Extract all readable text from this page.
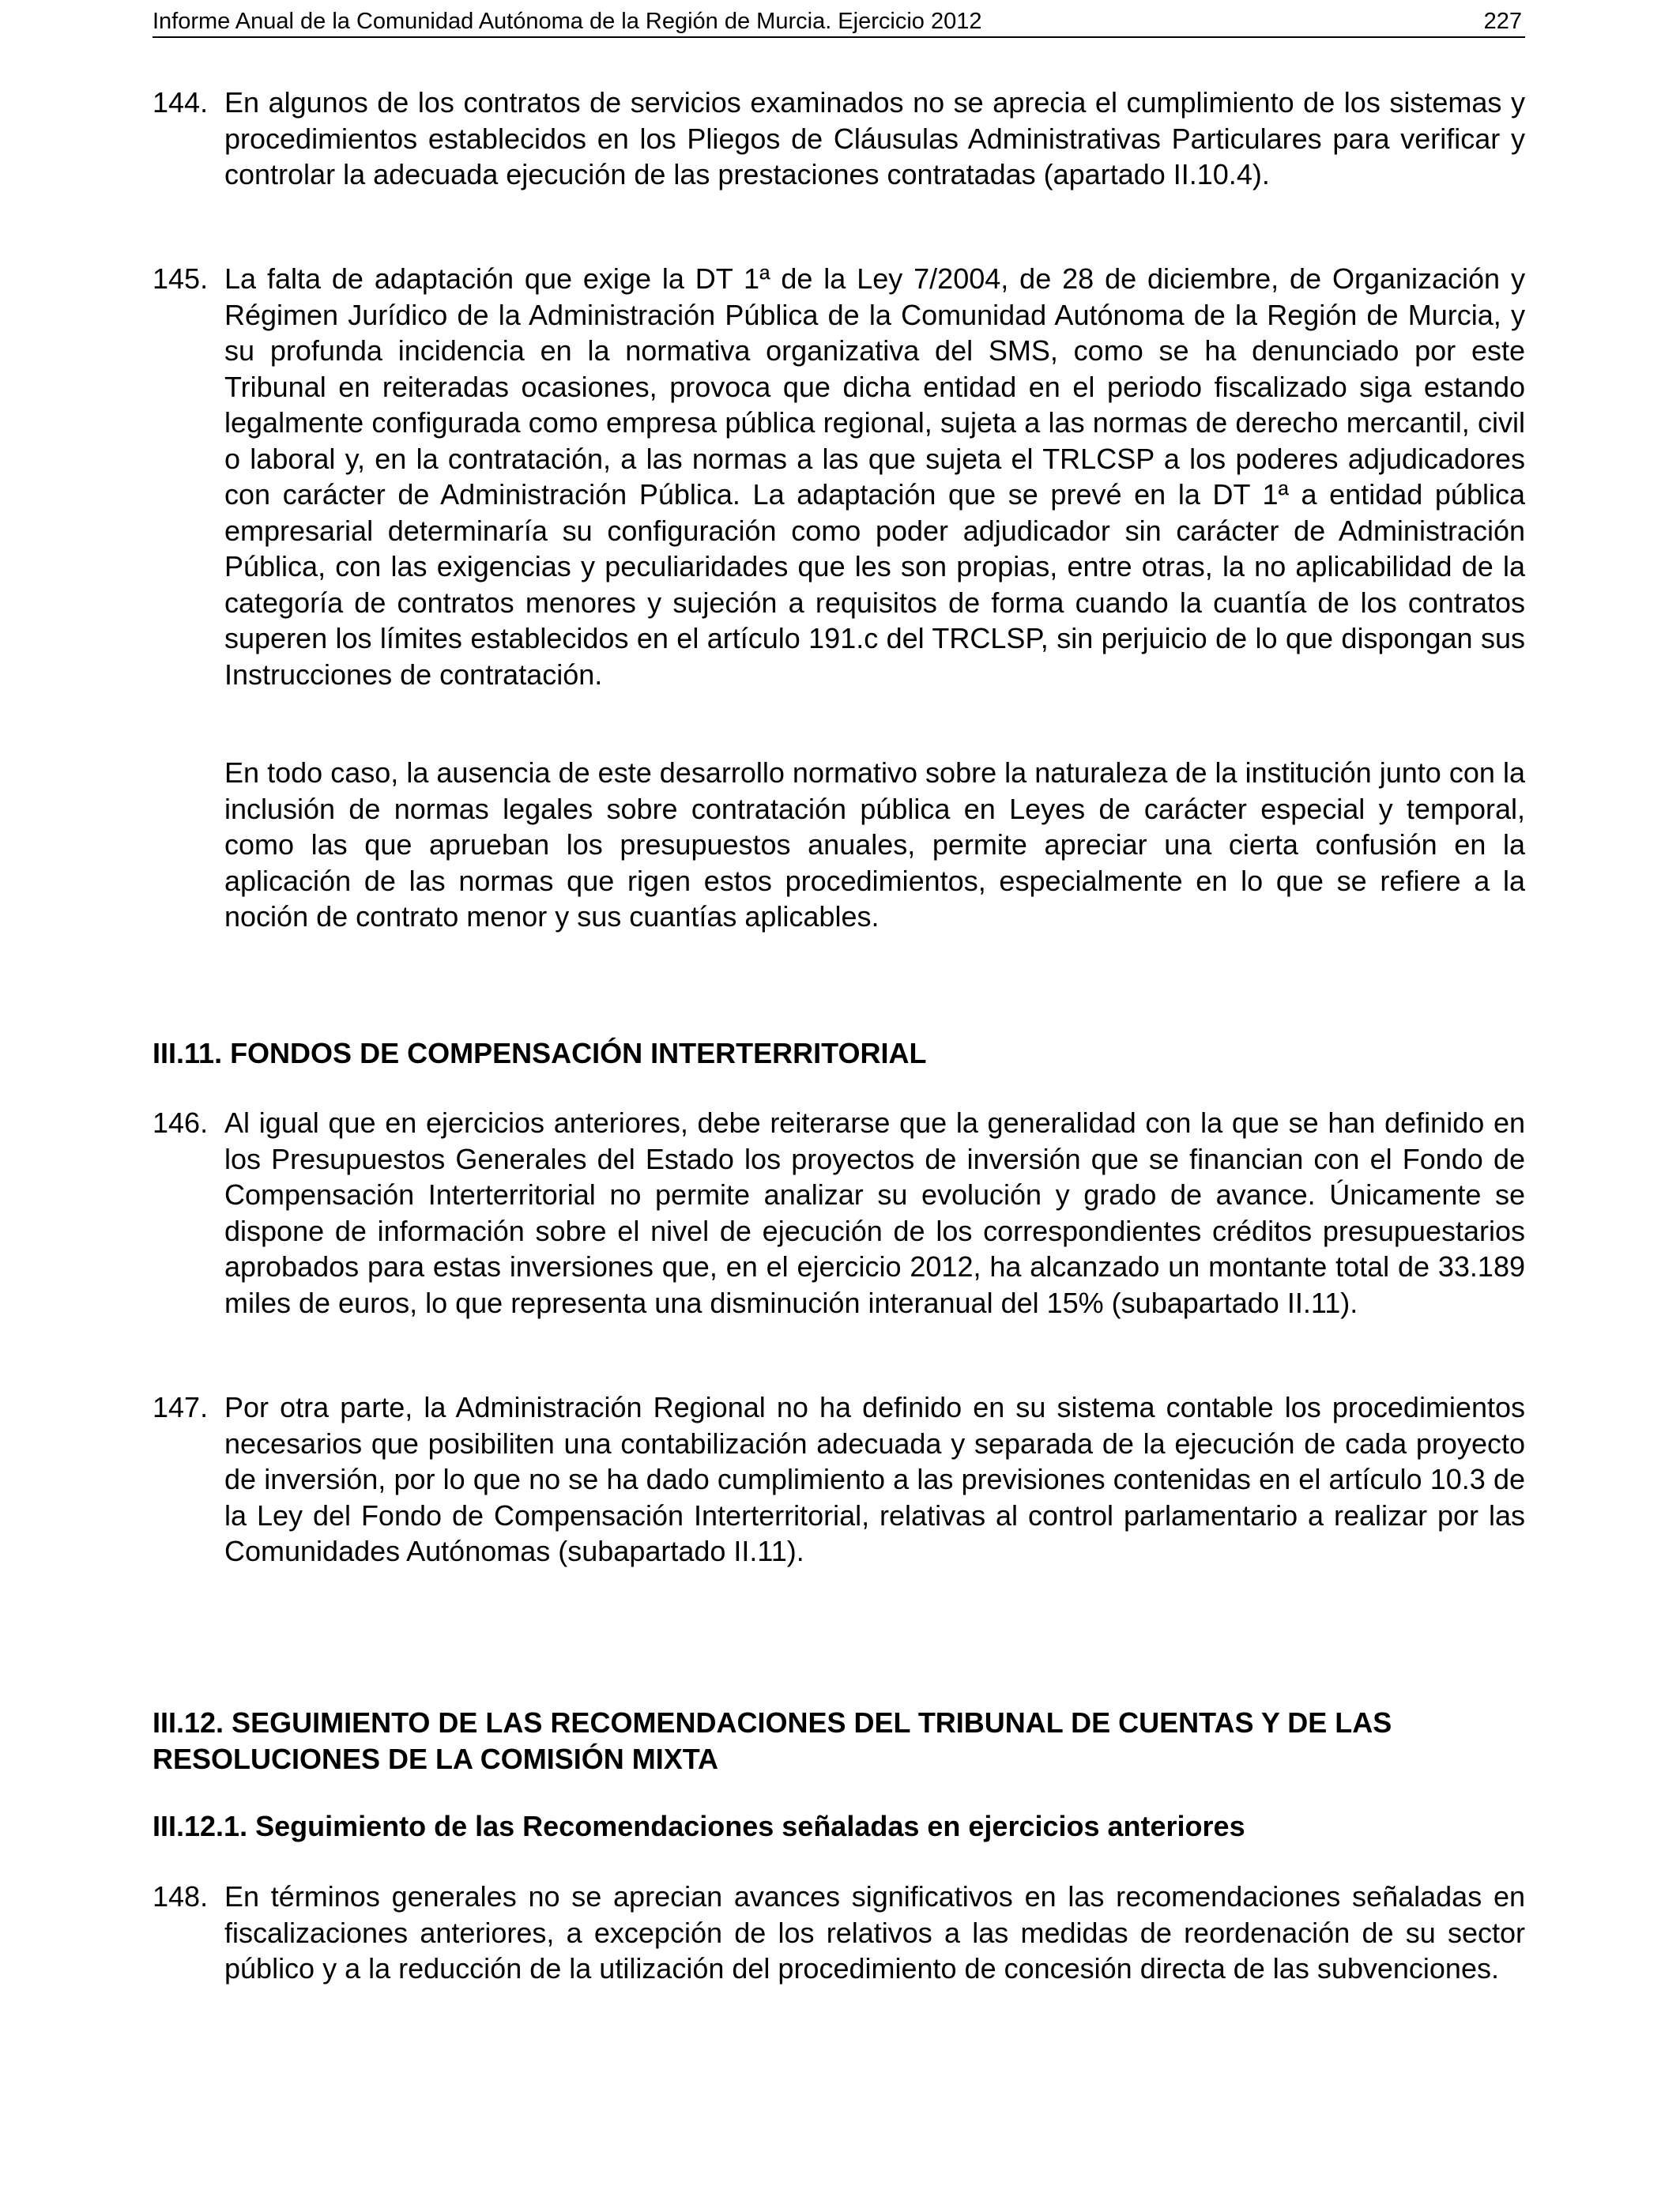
Informe Anual de la Comunidad Autónoma de la Región de Murcia. Ejercicio 2012	227
144. En algunos de los contratos de servicios examinados no se aprecia el cumplimiento de los sistemas y procedimientos establecidos en los Pliegos de Cláusulas Administrativas Particulares para verificar y controlar la adecuada ejecución de las prestaciones contratadas (apartado II.10.4).
145. La falta de adaptación que exige la DT 1ª de la Ley 7/2004, de 28 de diciembre, de Organización y Régimen Jurídico de la Administración Pública de la Comunidad Autónoma de la Región de Murcia, y su profunda incidencia en la normativa organizativa del SMS, como se ha denunciado por este Tribunal en reiteradas ocasiones, provoca que dicha entidad en el periodo fiscalizado siga estando legalmente configurada como empresa pública regional, sujeta a las normas de derecho mercantil, civil o laboral y, en la contratación, a las normas a las que sujeta el TRLCSP a los poderes adjudicadores con carácter de Administración Pública. La adaptación que se prevé en la DT 1ª a entidad pública empresarial determinaría su configuración como poder adjudicador sin carácter de Administración Pública, con las exigencias y peculiaridades que les son propias, entre otras, la no aplicabilidad de la categoría de contratos menores y sujeción a requisitos de forma cuando la cuantía de los contratos superen los límites establecidos en el artículo 191.c del TRCLSP, sin perjuicio de lo que dispongan sus Instrucciones de contratación.
En todo caso, la ausencia de este desarrollo normativo sobre la naturaleza de la institución junto con la inclusión de normas legales sobre contratación pública en Leyes de carácter especial y temporal, como las que aprueban los presupuestos anuales, permite apreciar una cierta confusión en la aplicación de las normas que rigen estos procedimientos, especialmente en lo que se refiere a la noción de contrato menor y sus cuantías aplicables.
III.11. FONDOS DE COMPENSACIÓN INTERTERRITORIAL
146. Al igual que en ejercicios anteriores, debe reiterarse que la generalidad con la que se han definido en los Presupuestos Generales del Estado los proyectos de inversión que se financian con el Fondo de Compensación Interterritorial no permite analizar su evolución y grado de avance. Únicamente se dispone de información sobre el nivel de ejecución de los correspondientes créditos presupuestarios aprobados para estas inversiones que, en el ejercicio 2012, ha alcanzado un montante total de 33.189 miles de euros, lo que representa una disminución interanual del 15% (subapartado II.11).
147. Por otra parte, la Administración Regional no ha definido en su sistema contable los procedimientos necesarios que posibiliten una contabilización adecuada y separada de la ejecución de cada proyecto de inversión, por lo que no se ha dado cumplimiento a las previsiones contenidas en el artículo 10.3 de la Ley del Fondo de Compensación Interterritorial, relativas al control parlamentario a realizar por las Comunidades Autónomas (subapartado II.11).
III.12. SEGUIMIENTO DE LAS RECOMENDACIONES DEL TRIBUNAL DE CUENTAS Y DE LAS RESOLUCIONES DE LA COMISIÓN MIXTA
III.12.1. Seguimiento de las Recomendaciones señaladas en ejercicios anteriores
148. En términos generales no se aprecian avances significativos en las recomendaciones señaladas en fiscalizaciones anteriores, a excepción de los relativos a las medidas de reordenación de su sector público y a la reducción de la utilización del procedimiento de concesión directa de las subvenciones.
